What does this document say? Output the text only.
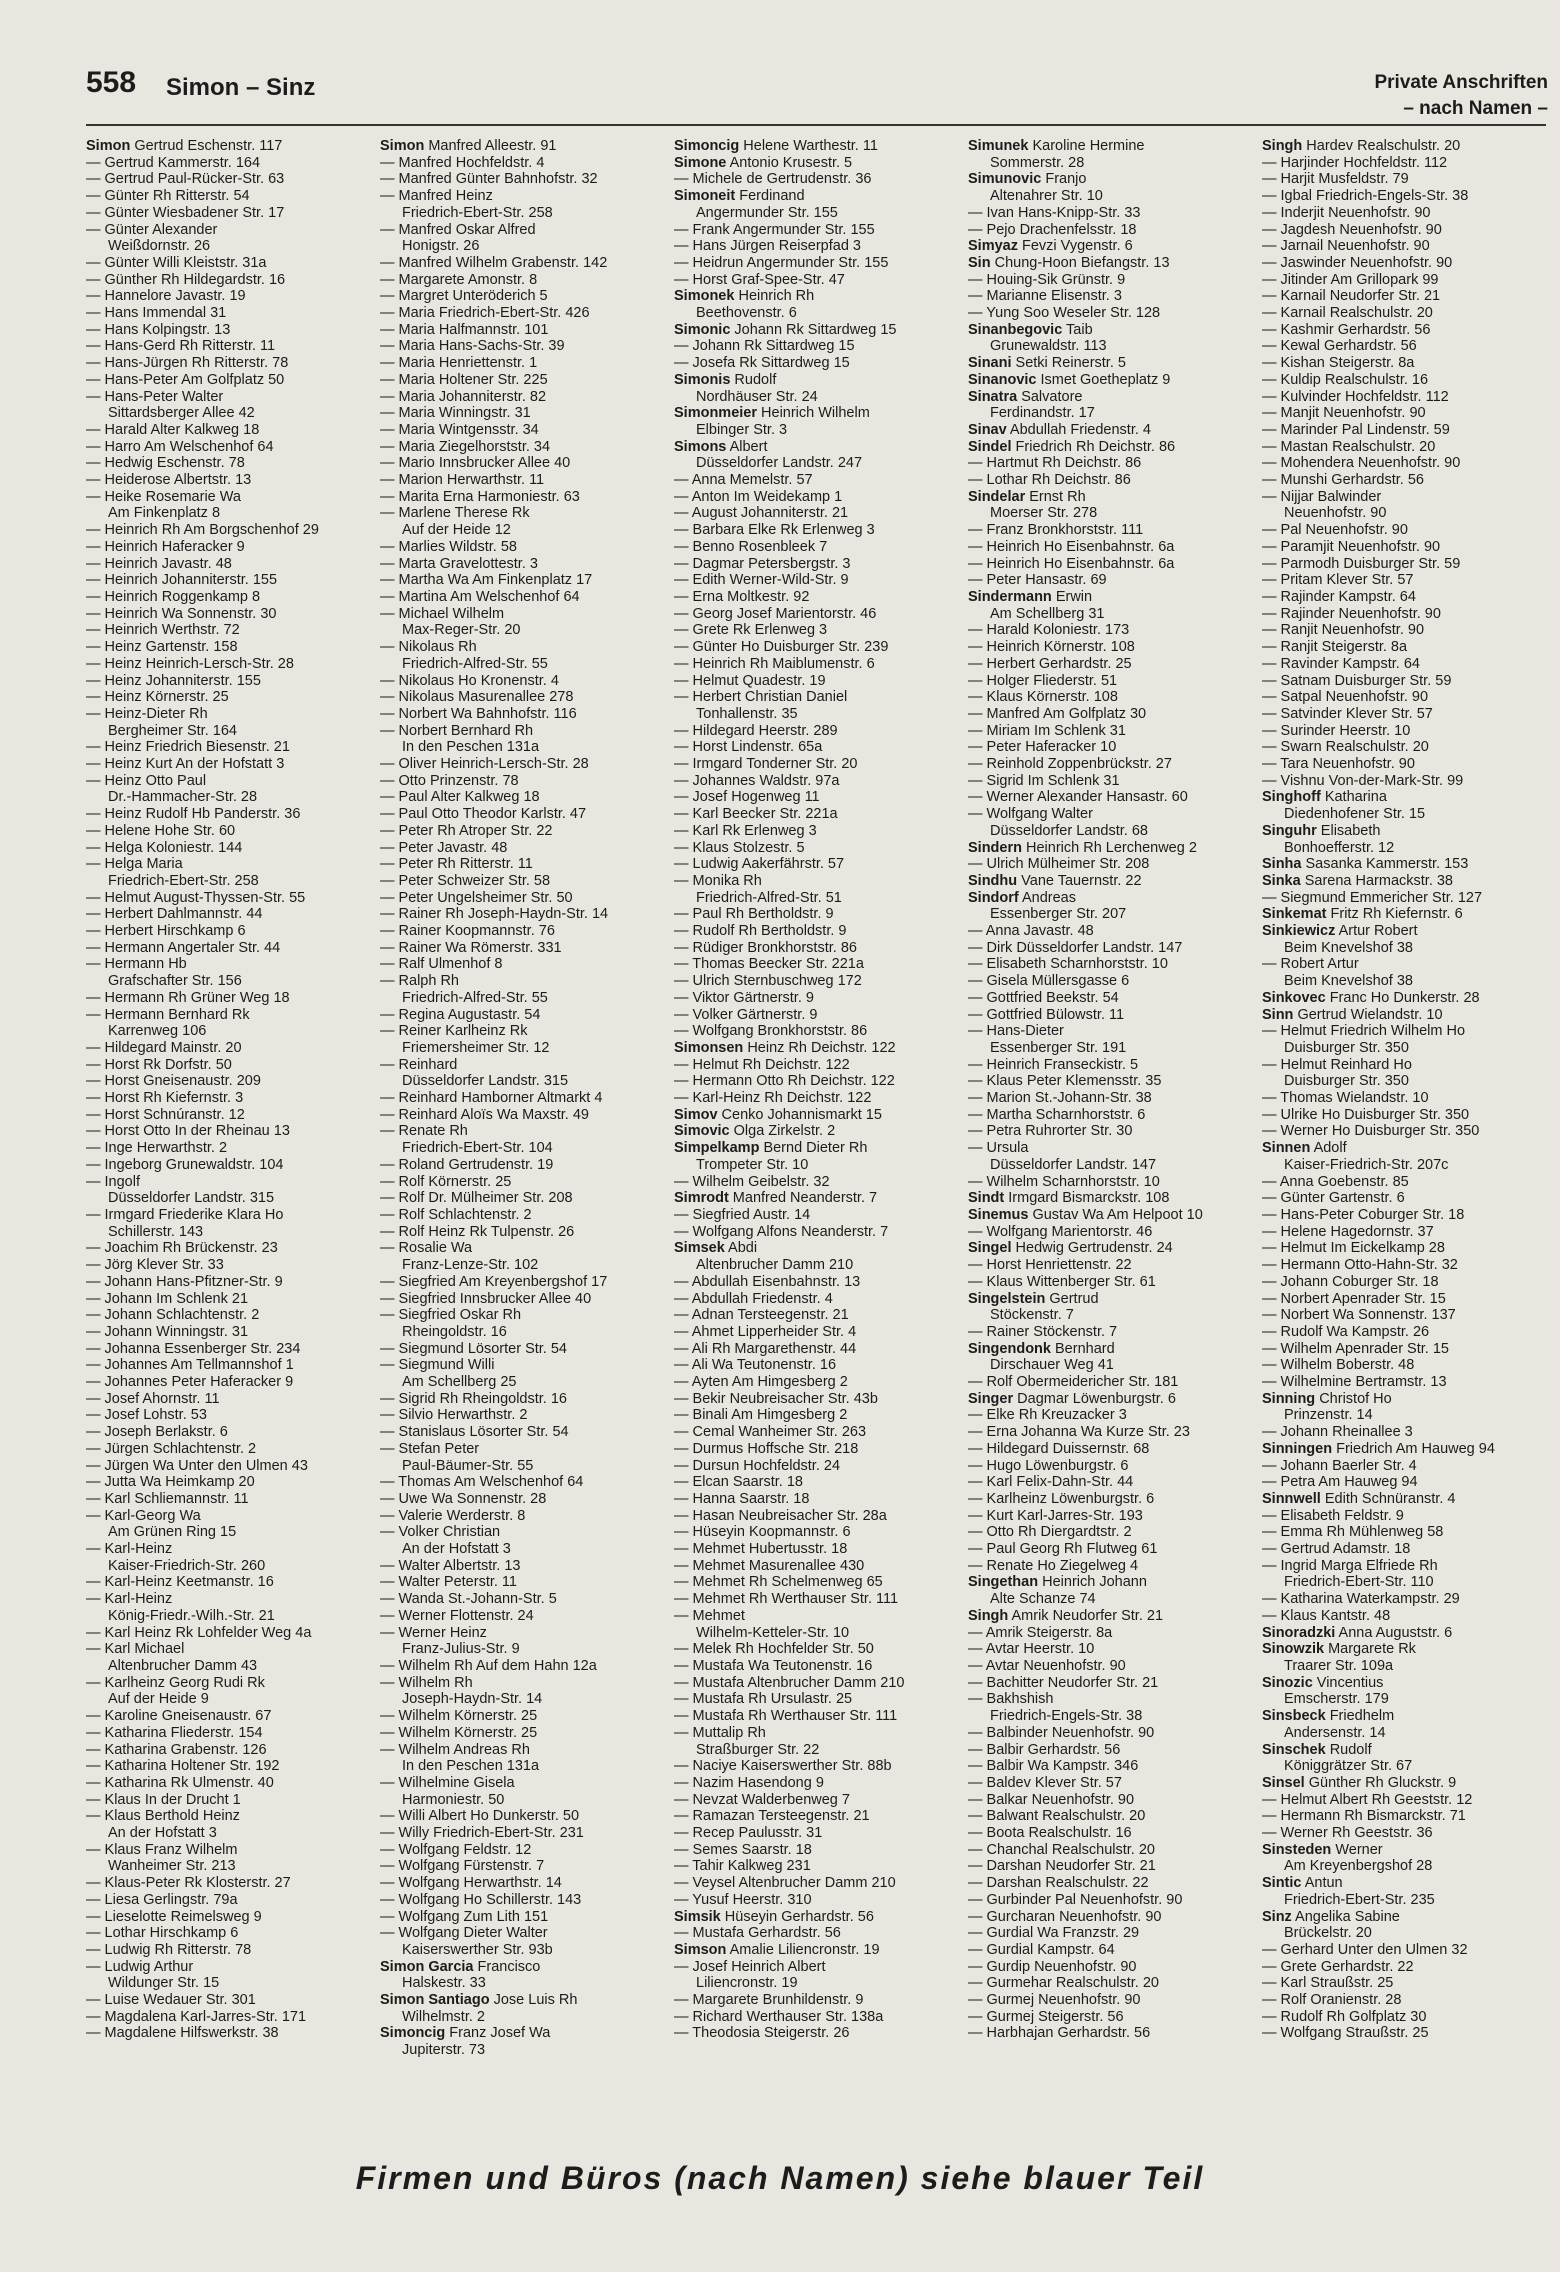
558 Simon – Sinz	Private Anschriften
– nach Namen –
Simon Gertrud Eschenstr. 117
— Gertrud Kammerstr. 164
— Gertrud Paul-Rücker-Str. 63
— Günter Rh Ritterstr. 54
— Günter Wiesbadener Str. 17
— Günter Alexander
Weißdornstr. 26
— Günter Willi Kleiststr. 31a
— Günther Rh Hildegardstr. 16
— Hannelore Javastr. 19
— Hans Immendal 31
— Hans Kolpingstr. 13
— Hans-Gerd Rh Ritterstr. 11
— Hans-Jürgen Rh Ritterstr. 78
— Hans-Peter Am Golfplatz 50
— Hans-Peter Walter
Sittardsberger Allee 42
— Harald Alter Kalkweg 18
— Harro Am Welschenhof 64
— Hedwig Eschenstr. 78
— Heiderose Albertstr. 13
— Heike Rosemarie Wa
Am Finkenplatz 8
— Heinrich Rh Am Borgschenhof 29
— Heinrich Haferacker 9
— Heinrich Javastr. 48
— Heinrich Johanniterstr. 155
— Heinrich Roggenkamp 8
— Heinrich Wa Sonnenstr. 30
— Heinrich Werthstr. 72
— Heinz Gartenstr. 158
— Heinz Heinrich-Lersch-Str. 28
— Heinz Johanniterstr. 155
— Heinz Körnerstr. 25
— Heinz-Dieter Rh
Bergheimer Str. 164
— Heinz Friedrich Biesenstr. 21
— Heinz Kurt An der Hofstatt 3
— Heinz Otto Paul
Dr.-Hammacher-Str. 28
— Heinz Rudolf Hb Panderstr. 36
— Helene Hohe Str. 60
— Helga Koloniestr. 144
— Helga Maria
Friedrich-Ebert-Str. 258
— Helmut August-Thyssen-Str. 55
— Herbert Dahlmannstr. 44
— Herbert Hirschkamp 6
— Hermann Angertaler Str. 44
— Hermann Hb
Grafschafter Str. 156
— Hermann Rh Grüner Weg 18
— Hermann Bernhard Rk
Karrenweg 106
— Hildegard Mainstr. 20
— Horst Rk Dorfstr. 50
— Horst Gneisenaustr. 209
— Horst Rh Kiefernstr. 3
— Horst Schnúranstr. 12
— Horst Otto In der Rheinau 13
— Inge Herwarthstr. 2
— Ingeborg Grunewaldstr. 104
— Ingolf
Düsseldorfer Landstr. 315
— Irmgard Friederike Klara Ho
Schillerstr. 143
— Joachim Rh Brückenstr. 23
— Jörg Klever Str. 33
— Johann Hans-Pfitzner-Str. 9
— Johann Im Schlenk 21
— Johann Schlachtenstr. 2
— Johann Winningstr. 31
— Johanna Essenberger Str. 234
— Johannes Am Tellmannshof 1
— Johannes Peter Haferacker 9
— Josef Ahornstr. 11
— Josef Lohstr. 53
— Joseph Berlakstr. 6
— Jürgen Schlachtenstr. 2
— Jürgen Wa Unter den Ulmen 43
— Jutta Wa Heimkamp 20
— Karl Schliemannstr. 11
— Karl-Georg Wa
Am Grünen Ring 15
— Karl-Heinz
Kaiser-Friedrich-Str. 260
— Karl-Heinz Keetmanstr. 16
— Karl-Heinz
König-Friedr.-Wilh.-Str. 21
— Karl Heinz Rk Lohfelder Weg 4a
— Karl Michael
Altenbrucher Damm 43
— Karlheinz Georg Rudi Rk
Auf der Heide 9
— Karoline Gneisenaustr. 67
— Katharina Fliederstr. 154
— Katharina Grabenstr. 126
— Katharina Holtener Str. 192
— Katharina Rk Ulmenstr. 40
— Klaus In der Drucht 1
— Klaus Berthold Heinz
An der Hofstatt 3
— Klaus Franz Wilhelm
Wanheimer Str. 213
— Klaus-Peter Rk Klosterstr. 27
— Liesa Gerlingstr. 79a
— Lieselotte Reimelsweg 9
— Lothar Hirschkamp 6
— Ludwig Rh Ritterstr. 78
— Ludwig Arthur
Wildunger Str. 15
— Luise Wedauer Str. 301
— Magdalena Karl-Jarres-Str. 171
— Magdalene Hilfswerkstr. 38
Simon Manfred Alleestr. 91
— Manfred Hochfeldstr. 4
— Manfred Günter Bahnhofstr. 32
— Manfred Heinz
Friedrich-Ebert-Str. 258
— Manfred Oskar Alfred
Honigstr. 26
— Manfred Wilhelm Grabenstr. 142
— Margarete Amonstr. 8
— Margret Unteröderich 5
— Maria Friedrich-Ebert-Str. 426
— Maria Halfmannstr. 101
— Maria Hans-Sachs-Str. 39
— Maria Henriettenstr. 1
— Maria Holtener Str. 225
— Maria Johanniterstr. 82
— Maria Winningstr. 31
— Maria Wintgensstr. 34
— Maria Ziegelhorststr. 34
— Mario Innsbrucker Allee 40
— Marion Herwarthstr. 11
— Marita Erna Harmoniestr. 63
— Marlene Therese Rk
Auf der Heide 12
— Marlies Wildstr. 58
— Marta Gravelottestr. 3
— Martha Wa Am Finkenplatz 17
— Martina Am Welschenhof 64
— Michael Wilhelm
Max-Reger-Str. 20
— Nikolaus Rh
Friedrich-Alfred-Str. 55
— Nikolaus Ho Kronenstr. 4
— Nikolaus Masurenallee 278
— Norbert Wa Bahnhofstr. 116
— Norbert Bernhard Rh
In den Peschen 131a
— Oliver Heinrich-Lersch-Str. 28
— Otto Prinzenstr. 78
— Paul Alter Kalkweg 18
— Paul Otto Theodor Karlstr. 47
— Peter Rh Atroper Str. 22
— Peter Javastr. 48
— Peter Rh Ritterstr. 11
— Peter Schweizer Str. 58
— Peter Ungelsheimer Str. 50
— Rainer Rh Joseph-Haydn-Str. 14
— Rainer Koopmannstr. 76
— Rainer Wa Römerstr. 331
— Ralf Ulmenhof 8
— Ralph Rh
Friedrich-Alfred-Str. 55
— Regina Augustastr. 54
— Reiner Karlheinz Rk
Friemersheimer Str. 12
— Reinhard
Düsseldorfer Landstr. 315
— Reinhard Hamborner Altmarkt 4
— Reinhard Aloïs Wa Maxstr. 49
— Renate Rh
Friedrich-Ebert-Str. 104
— Roland Gertrudenstr. 19
— Rolf Körnerstr. 25
— Rolf Dr. Mülheimer Str. 208
— Rolf Schlachtenstr. 2
— Rolf Heinz Rk Tulpenstr. 26
— Rosalie Wa
Franz-Lenze-Str. 102
— Siegfried Am Kreyenbergshof 17
— Siegfried Innsbrucker Allee 40
— Siegfried Oskar Rh
Rheingoldstr. 16
— Siegmund Lösorter Str. 54
— Siegmund Willi
Am Schellberg 25
— Sigrid Rh Rheingoldstr. 16
— Silvio Herwarthstr. 2
— Stanislaus Lösorter Str. 54
— Stefan Peter
Paul-Bäumer-Str. 55
— Thomas Am Welschenhof 64
— Uwe Wa Sonnenstr. 28
— Valerie Werderstr. 8
— Volker Christian
An der Hofstatt 3
— Walter Albertstr. 13
— Walter Peterstr. 11
— Wanda St.-Johann-Str. 5
— Werner Flottenstr. 24
— Werner Heinz
Franz-Julius-Str. 9
— Wilhelm Rh Auf dem Hahn 12a
— Wilhelm Rh
Joseph-Haydn-Str. 14
— Wilhelm Körnerstr. 25
— Wilhelm Körnerstr. 25
— Wilhelm Andreas Rh
In den Peschen 131a
— Wilhelmine Gisela
Harmoniestr. 50
— Willi Albert Ho Dunkerstr. 50
— Willy Friedrich-Ebert-Str. 231
— Wolfgang Feldstr. 12
— Wolfgang Fürstenstr. 7
— Wolfgang Herwarthstr. 14
— Wolfgang Ho Schillerstr. 143
— Wolfgang Zum Lith 151
— Wolfgang Dieter Walter
Kaiserswerther Str. 93b
Simon Garcia Francisco
Halskestr. 33
Simon Santiago Jose Luis Rh
Wilhelmstr. 2
Simoncig Franz Josef Wa
Jupiterstr. 73
Simoncig Helene Warthestr. 11
Simone Antonio Krusestr. 5
— Michele de Gertrudenstr. 36
Simoneit Ferdinand
Angermunder Str. 155
— Frank Angermunder Str. 155
— Hans Jürgen Reiserpfad 3
— Heidrun Angermunder Str. 155
— Horst Graf-Spee-Str. 47
Simonek Heinrich Rh
Beethovenstr. 6
Simonic Johann Rk Sittardweg 15
— Johann Rk Sittardweg 15
— Josefa Rk Sittardweg 15
Simonis Rudolf
Nordhäuser Str. 24
Simonmeier Heinrich Wilhelm
Elbinger Str. 3
Simons Albert
Düsseldorfer Landstr. 247
— Anna Memelstr. 57
— Anton Im Weidekamp 1
— August Johanniterstr. 21
— Barbara Elke Rk Erlenweg 3
— Benno Rosenbleek 7
— Dagmar Petersbergstr. 3
— Edith Werner-Wild-Str. 9
— Erna Moltkestr. 92
— Georg Josef Marientorstr. 46
— Grete Rk Erlenweg 3
— Günter Ho Duisburger Str. 239
— Heinrich Rh Maiblumenstr. 6
— Helmut Quadestr. 19
— Herbert Christian Daniel
Tonhallenstr. 35
— Hildegard Heerstr. 289
— Horst Lindenstr. 65a
— Irmgard Tonderner Str. 20
— Johannes Waldstr. 97a
— Josef Hogenweg 11
— Karl Beecker Str. 221a
— Karl Rk Erlenweg 3
— Klaus Stolzestr. 5
— Ludwig Aakerfährstr. 57
— Monika Rh
Friedrich-Alfred-Str. 51
— Paul Rh Bertholdstr. 9
— Rudolf Rh Bertholdstr. 9
— Rüdiger Bronkhorststr. 86
— Thomas Beecker Str. 221a
— Ulrich Sternbuschweg 172
— Viktor Gärtnerstr. 9
— Volker Gärtnerstr. 9
— Wolfgang Bronkhorststr. 86
Simonsen Heinz Rh Deichstr. 122
— Helmut Rh Deichstr. 122
— Hermann Otto Rh Deichstr. 122
— Karl-Heinz Rh Deichstr. 122
Simov Cenko Johannismarkt 15
Simovic Olga Zirkelstr. 2
Simpelkamp Bernd Dieter Rh
Trompeter Str. 10
— Wilhelm Geibelstr. 32
Simrodt Manfred Neanderstr. 7
— Siegfried Austr. 14
— Wolfgang Alfons Neanderstr. 7
Simsek Abdi
Altenbrucher Damm 210
— Abdullah Eisenbahnstr. 13
— Abdullah Friedenstr. 4
— Adnan Tersteegenstr. 21
— Ahmet Lipperheider Str. 4
— Ali Rh Margarethenstr. 44
— Ali Wa Teutonenstr. 16
— Ayten Am Himgesberg 2
— Bekir Neubreisacher Str. 43b
— Binali Am Himgesberg 2
— Cemal Wanheimer Str. 263
— Durmus Hoffsche Str. 218
— Dursun Hochfeldstr. 24
— Elcan Saarstr. 18
— Hanna Saarstr. 18
— Hasan Neubreisacher Str. 28a
— Hüseyin Koopmannstr. 6
— Mehmet Hubertusstr. 18
— Mehmet Masurenallee 430
— Mehmet Rh Schelmenweg 65
— Mehmet Rh Werthauser Str. 111
— Mehmet
Wilhelm-Ketteler-Str. 10
— Melek Rh Hochfelder Str. 50
— Mustafa Wa Teutonenstr. 16
— Mustafa Altenbrucher Damm 210
— Mustafa Rh Ursulastr. 25
— Mustafa Rh Werthauser Str. 111
— Muttalip Rh
Straßburger Str. 22
— Naciye Kaiserswerther Str. 88b
— Nazim Hasendong 9
— Nevzat Walderbenweg 7
— Ramazan Tersteegenstr. 21
— Recep Paulusstr. 31
— Semes Saarstr. 18
— Tahir Kalkweg 231
— Veysel Altenbrucher Damm 210
— Yusuf Heerstr. 310
Simsik Hüseyin Gerhardstr. 56
— Mustafa Gerhardstr. 56
Simson Amalie Liliencronstr. 19
— Josef Heinrich Albert
Liliencronstr. 19
— Margarete Brunhildenstr. 9
— Richard Werthauser Str. 138a
— Theodosia Steigerstr. 26
Simunek Karoline Hermine
Sommerstr. 28
Simunovic Franjo
Altenahrer Str. 10
— Ivan Hans-Knipp-Str. 33
— Pejo Drachenfelsstr. 18
Simyaz Fevzi Vygenstr. 6
Sin Chung-Hoon Biefangstr. 13
— Houing-Sik Grünstr. 9
— Marianne Elisenstr. 3
— Yung Soo Weseler Str. 128
Sinanbegovic Taib
Grunewaldstr. 113
Sinani Setki Reinerstr. 5
Sinanovic Ismet Goetheplatz 9
Sinatra Salvatore
Ferdinandstr. 17
Sinav Abdullah Friedenstr. 4
Sindel Friedrich Rh Deichstr. 86
— Hartmut Rh Deichstr. 86
— Lothar Rh Deichstr. 86
Sindelar Ernst Rh
Moerser Str. 278
— Franz Bronkhorststr. 111
— Heinrich Ho Eisenbahnstr. 6a
— Heinrich Ho Eisenbahnstr. 6a
— Peter Hansastr. 69
Sindermann Erwin
Am Schellberg 31
— Harald Koloniestr. 173
— Heinrich Körnerstr. 108
— Herbert Gerhardstr. 25
— Holger Fliederstr. 51
— Klaus Körnerstr. 108
— Manfred Am Golfplatz 30
— Miriam Im Schlenk 31
— Peter Haferacker 10
— Reinhold Zoppenbrückstr. 27
— Sigrid Im Schlenk 31
— Werner Alexander Hansastr. 60
— Wolfgang Walter
Düsseldorfer Landstr. 68
Sindern Heinrich Rh Lerchenweg 2
— Ulrich Mülheimer Str. 208
Sindhu Vane Tauernstr. 22
Sindorf Andreas
Essenberger Str. 207
— Anna Javastr. 48
— Dirk Düsseldorfer Landstr. 147
— Elisabeth Scharnhorststr. 10
— Gisela Müllersgasse 6
— Gottfried Beekstr. 54
— Gottfried Bülowstr. 11
— Hans-Dieter
Essenberger Str. 191
— Heinrich Franseckistr. 5
— Klaus Peter Klemensstr. 35
— Marion St.-Johann-Str. 38
— Martha Scharnhorststr. 6
— Petra Ruhrorter Str. 30
— Ursula
Düsseldorfer Landstr. 147
— Wilhelm Scharnhorststr. 10
Sindt Irmgard Bismarckstr. 108
Sinemus Gustav Wa Am Helpoot 10
— Wolfgang Marientorstr. 46
Singel Hedwig Gertrudenstr. 24
— Horst Henriettenstr. 22
— Klaus Wittenberger Str. 61
Singelstein Gertrud
Stöckenstr. 7
— Rainer Stöckenstr. 7
Singendonk Bernhard
Dirschauer Weg 41
— Rolf Obermeidericher Str. 181
Singer Dagmar Löwenburgstr. 6
— Elke Rh Kreuzacker 3
— Erna Johanna Wa Kurze Str. 23
— Hildegard Duissernstr. 68
— Hugo Löwenburgstr. 6
— Karl Felix-Dahn-Str. 44
— Karlheinz Löwenburgstr. 6
— Kurt Karl-Jarres-Str. 193
— Otto Rh Diergardtstr. 2
— Paul Georg Rh Flutweg 61
— Renate Ho Ziegelweg 4
Singethan Heinrich Johann
Alte Schanze 74
Singh Amrik Neudorfer Str. 21
— Amrik Steigerstr. 8a
— Avtar Heerstr. 10
— Avtar Neuenhofstr. 90
— Bachitter Neudorfer Str. 21
— Bakhshish
Friedrich-Engels-Str. 38
— Balbinder Neuenhofstr. 90
— Balbir Gerhardstr. 56
— Balbir Wa Kampstr. 346
— Baldev Klever Str. 57
— Balkar Neuenhofstr. 90
— Balwant Realschulstr. 20
— Boota Realschulstr. 16
— Chanchal Realschulstr. 20
— Darshan Neudorfer Str. 21
— Darshan Realschulstr. 22
— Gurbinder Pal Neuenhofstr. 90
— Gurcharan Neuenhofstr. 90
— Gurdial Wa Franzstr. 29
— Gurdial Kampstr. 64
— Gurdip Neuenhofstr. 90
— Gurmehar Realschulstr. 20
— Gurmej Neuenhofstr. 90
— Gurmej Steigerstr. 56
— Harbhajan Gerhardstr. 56
Singh Hardev Realschulstr. 20
— Harjinder Hochfeldstr. 112
— Harjit Musfeldstr. 79
— Igbal Friedrich-Engels-Str. 38
— Inderjit Neuenhofstr. 90
— Jagdesh Neuenhofstr. 90
— Jarnail Neuenhofstr. 90
— Jaswinder Neuenhofstr. 90
— Jitinder Am Grillopark 99
— Karnail Neudorfer Str. 21
— Karnail Realschulstr. 20
— Kashmir Gerhardstr. 56
— Kewal Gerhardstr. 56
— Kishan Steigerstr. 8a
— Kuldip Realschulstr. 16
— Kulvinder Hochfeldstr. 112
— Manjit Neuenhofstr. 90
— Marinder Pal Lindenstr. 59
— Mastan Realschulstr. 20
— Mohendera Neuenhofstr. 90
— Munshi Gerhardstr. 56
— Nijjar Balwinder
Neuenhofstr. 90
— Pal Neuenhofstr. 90
— Paramjit Neuenhofstr. 90
— Parmodh Duisburger Str. 59
— Pritam Klever Str. 57
— Rajinder Kampstr. 64
— Rajinder Neuenhofstr. 90
— Ranjit Neuenhofstr. 90
— Ranjit Steigerstr. 8a
— Ravinder Kampstr. 64
— Satnam Duisburger Str. 59
— Satpal Neuenhofstr. 90
— Satvinder Klever Str. 57
— Surinder Heerstr. 10
— Swarn Realschulstr. 20
— Tara Neuenhofstr. 90
— Vishnu Von-der-Mark-Str. 99
Singhoff Katharina
Diedenhofener Str. 15
Singuhr Elisabeth
Bonhoefferstr. 12
Sinha Sasanka Kammerstr. 153
Sinka Sarena Harmackstr. 38
— Siegmund Emmericher Str. 127
Sinkemat Fritz Rh Kiefernstr. 6
Sinkiewicz Artur Robert
Beim Knevelshof 38
— Robert Artur
Beim Knevelshof 38
Sinkovec Franc Ho Dunkerstr. 28
Sinn Gertrud Wielandstr. 10
— Helmut Friedrich Wilhelm Ho
Duisburger Str. 350
— Helmut Reinhard Ho
Duisburger Str. 350
— Thomas Wielandstr. 10
— Ulrike Ho Duisburger Str. 350
— Werner Ho Duisburger Str. 350
Sinnen Adolf
Kaiser-Friedrich-Str. 207c
— Anna Goebenstr. 85
— Günter Gartenstr. 6
— Hans-Peter Coburger Str. 18
— Helene Hagedornstr. 37
— Helmut Im Eickelkamp 28
— Hermann Otto-Hahn-Str. 32
— Johann Coburger Str. 18
— Norbert Apenrader Str. 15
— Norbert Wa Sonnenstr. 137
— Rudolf Wa Kampstr. 26
— Wilhelm Apenrader Str. 15
— Wilhelm Boberstr. 48
— Wilhelmine Bertramstr. 13
Sinning Christof Ho
Prinzenstr. 14
— Johann Rheinallee 3
Sinningen Friedrich Am Hauweg 94
— Johann Baerler Str. 4
— Petra Am Hauweg 94
Sinnwell Edith Schnüranstr. 4
— Elisabeth Feldstr. 9
— Emma Rh Mühlenweg 58
— Gertrud Adamstr. 18
— Ingrid Marga Elfriede Rh
Friedrich-Ebert-Str. 110
— Katharina Waterkampstr. 29
— Klaus Kantstr. 48
Sinoradzki Anna Auguststr. 6
Sinowzik Margarete Rk
Traarer Str. 109a
Sinozic Vincentius
Emscherstr. 179
Sinsbeck Friedhelm
Andersenstr. 14
Sinschek Rudolf
Königgrätzer Str. 67
Sinsel Günther Rh Gluckstr. 9
— Helmut Albert Rh Geeststr. 12
— Hermann Rh Bismarckstr. 71
— Werner Rh Geeststr. 36
Sinsteden Werner
Am Kreyenbergshof 28
Sintic Antun
Friedrich-Ebert-Str. 235
Sinz Angelika Sabine
Brückelstr. 20
— Gerhard Unter den Ulmen 32
— Grete Gerhardstr. 22
— Karl Straußstr. 25
— Rolf Oranienstr. 28
— Rudolf Rh Golfplatz 30
— Wolfgang Straußstr. 25
Firmen und Büros (nach Namen) siehe blauer Teil
